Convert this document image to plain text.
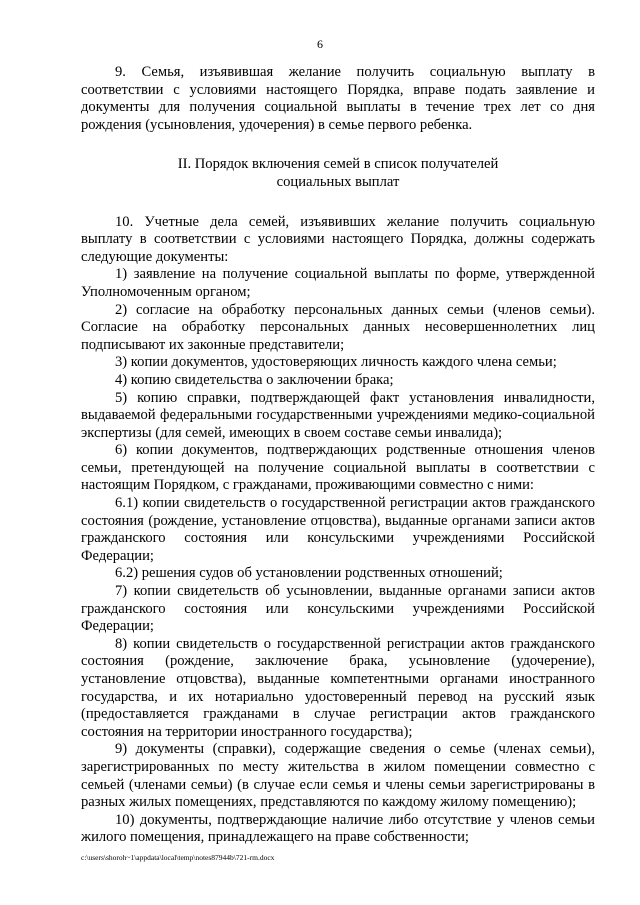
6

9. Семья, изъявившая желание получить социальную выплату в соответствии с условиями настоящего Порядка, вправе подать заявление и документы для получения социальной выплаты в течение трех лет со дня рождения (усыновления, удочерения) в семье первого ребенка.

II. Порядок включения семей в список получателей
социальных выплат

10. Учетные дела семей, изъявивших желание получить социальную выплату в соответствии с условиями настоящего Порядка, должны содержать следующие документы:

1) заявление на получение социальной выплаты по форме, утвержденной Уполномоченным органом;

2) согласие на обработку персональных данных семьи (членов семьи). Согласие на обработку персональных данных несовершеннолетних лиц подписывают их законные представители;

3) копии документов, удостоверяющих личность каждого члена семьи;

4) копию свидетельства о заключении брака;

5) копию справки, подтверждающей факт установления инвалидности, выдаваемой федеральными государственными учреждениями медико-социальной экспертизы (для семей, имеющих в своем составе семьи инвалида);

6) копии документов, подтверждающих родственные отношения членов семьи, претендующей на получение социальной выплаты в соответствии с настоящим Порядком, с гражданами, проживающими совместно с ними:

6.1) копии свидетельств о государственной регистрации актов гражданского состояния (рождение, установление отцовства), выданные органами записи актов гражданского состояния или консульскими учреждениями Российской Федерации;

6.2) решения судов об установлении родственных отношений;

7) копии свидетельств об усыновлении, выданные органами записи актов гражданского состояния или консульскими учреждениями Российской Федерации;

8) копии свидетельств о государственной регистрации актов гражданского состояния (рождение, заключение брака, усыновление (удочерение), установление отцовства), выданные компетентными органами иностранного государства, и их нотариально удостоверенный перевод на русский язык (предоставляется гражданами в случае регистрации актов гражданского состояния на территории иностранного государства);

9) документы (справки), содержащие сведения о семье (членах семьи), зарегистрированных по месту жительства в жилом помещении совместно с семьей (членами семьи) (в случае если семья и члены семьи зарегистрированы в разных жилых помещениях, представляются по каждому жилому помещению);

10) документы, подтверждающие наличие либо отсутствие у членов семьи жилого помещения, принадлежащего на праве собственности;

c:\users\shoroh~1\appdata\local\temp\notes87944b\721-rm.docx
